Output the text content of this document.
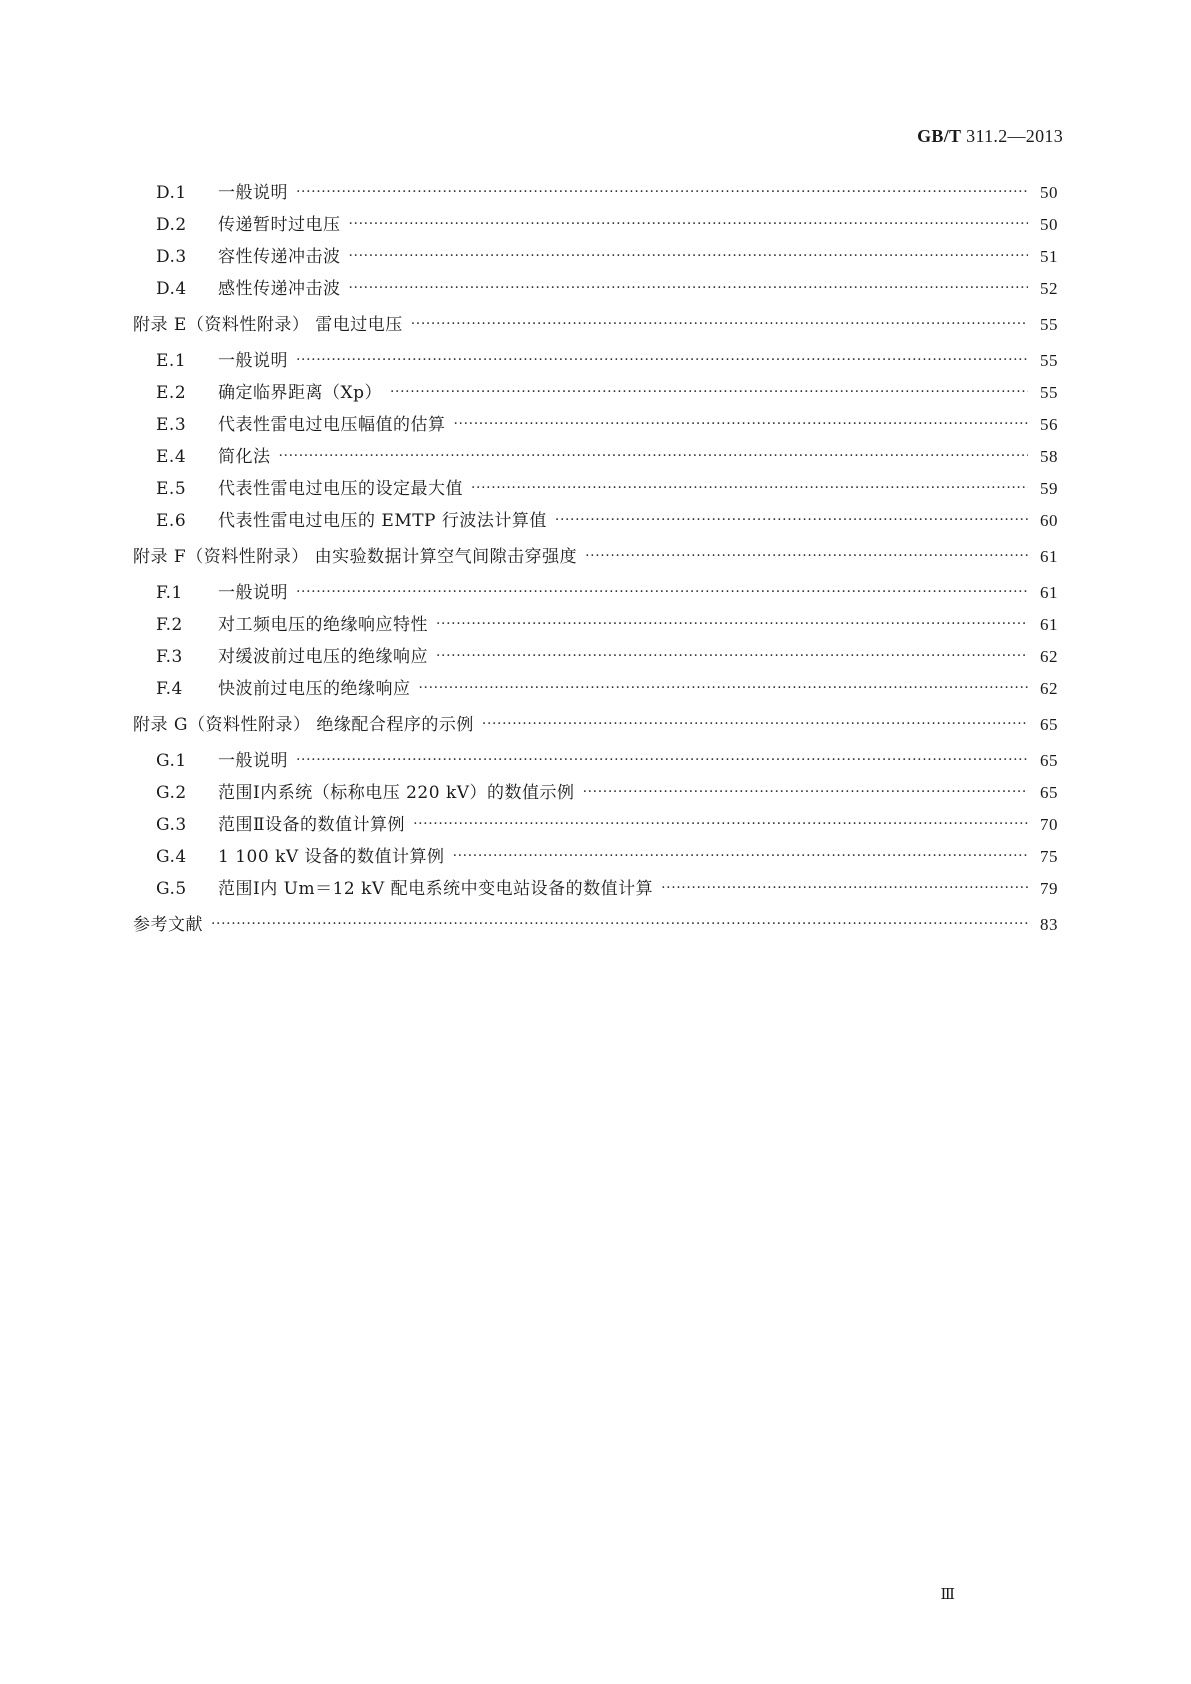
GB/T 311.2—2013
D.1	一般说明 ·····	50
D.2	传递暂时过电压 ·····	50
D.3	容性传递冲击波 ·····	51
D.4	感性传递冲击波 ·····	52
附录 E（资料性附录） 雷电过电压 ·····	55
E.1	一般说明 ·····	55
E.2	确定临界距离（Xp） ·····	55
E.3	代表性雷电过电压幅值的估算 ·····	56
E.4	简化法 ·····	58
E.5	代表性雷电过电压的设定最大值 ·····	59
E.6	代表性雷电过电压的 EMTP 行波法计算值 ·····	60
附录 F（资料性附录） 由实验数据计算空气间隙击穿强度 ·····	61
F.1	一般说明 ·····	61
F.2	对工频电压的绝缘响应特性 ·····	61
F.3	对缓波前过电压的绝缘响应 ·····	62
F.4	快波前过电压的绝缘响应 ·····	62
附录 G（资料性附录） 绝缘配合程序的示例 ·····	65
G.1	一般说明 ·····	65
G.2	范围Ⅰ内系统（标称电压 220 kV）的数值示例 ·····	65
G.3	范围Ⅱ设备的数值计算例 ·····	70
G.4	1 100 kV 设备的数值计算例 ·····	75
G.5	范围Ⅰ内 Um＝12 kV 配电系统中变电站设备的数值计算 ·····	79
参考文献 ·····	83
Ⅲ
